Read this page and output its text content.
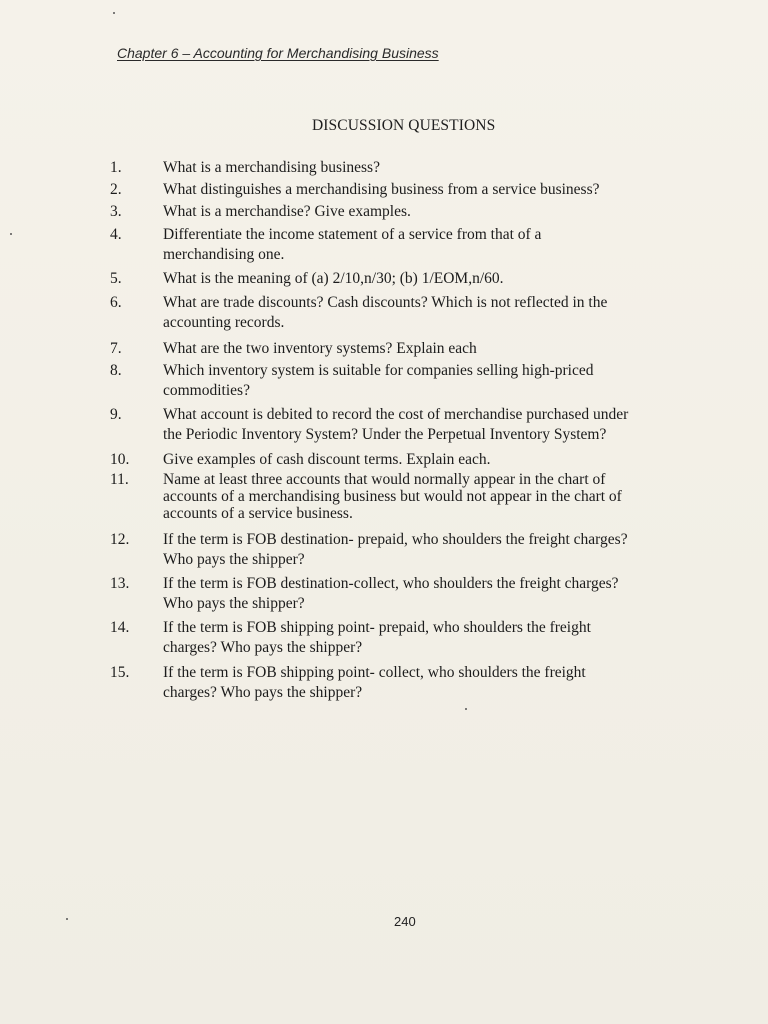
Chapter 6 – Accounting for Merchandising Business
DISCUSSION QUESTIONS
1.	What is a merchandising business?
2.	What distinguishes a merchandising business from a service business?
3.	What is a merchandise? Give examples.
4.	Differentiate the income statement of a service from that of a
merchandising one.
5.	What is the meaning of (a) 2/10,n/30; (b) 1/EOM,n/60.
6.	What are trade discounts? Cash discounts? Which is not reflected in the
accounting records.
7.	What are the two inventory systems? Explain each
8.	Which inventory system is suitable for companies selling high-priced
commodities?
9.	What account is debited to record the cost of merchandise purchased under
the Periodic Inventory System? Under the Perpetual Inventory System?
10.	Give examples of cash discount terms. Explain each.
11.	Name at least three accounts that would normally appear in the chart of
accounts of a merchandising business but would not appear in the chart of
accounts of a service business.
12.	If the term is FOB destination- prepaid, who shoulders the freight charges?
Who pays the shipper?
13.	If the term is FOB destination-collect, who shoulders the freight charges?
Who pays the shipper?
14.	If the term is FOB shipping point- prepaid, who shoulders the freight
charges? Who pays the shipper?
15.	If the term is FOB shipping point- collect, who shoulders the freight
charges? Who pays the shipper?
240
